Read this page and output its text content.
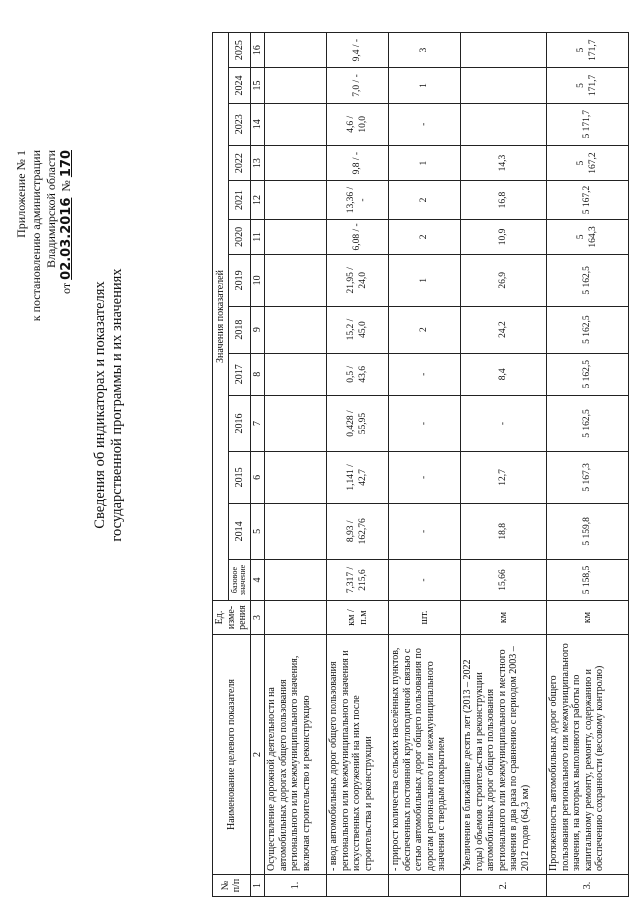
Приложение № 1 к постановлению администрации Владимирской области
от 02.03.2016  № 170
Сведения об индикаторах и показателях государственной программы и их значениях
№ п/п	Наименование целевого показателя	Ед. изме-рения	Значения показателей												
			базовое значение	2014	2015	2016	2017	2018	2019	2020	2021	2022	2023	2024	2025
1	2	3	4	5	6	7	8	9	10	11	12	13	14	15	16
1.	Осуществление дорожной деятельности на автомобильных дорогах общего пользования регионального или межмуниципального значения, включая строительство и реконструкцию														
	- ввод автомобильных дорог общего пользования регионального или межмуниципального значения и искусственных сооружений на них после строительства и реконструкции	км / п.м	7,317 / 215,6	8,93 / 162,76	1,141 / 42,7	0,428 / 55,95	0,5 / 43,6	15,2 / 45,0	21,95 / 24,0	6,08 / -	13,36 / -	9,8 / -	4,6 / 10,0	7,0 / -	9,4 / -
	- прирост количества сельских населённых пунктов, обеспеченных постоянной круглогодичной связью с сетью автомобильных дорог общего пользования по дорогам регионального или межмуниципального значения с твердым покрытием	шт.	-	-	-	-	-	2	1	2	2	1	-	1	3
2.	Увеличение в ближайшие десять лет (2013 – 2022 годы) объемов строительства и реконструкции автомобильных дорог общего пользования регионального или межмуниципального и местного значения в два раза по сравнению с периодом 2003 – 2012 годов (64,3 км)	км	15,66	18,8	12,7	-	8,4	24,2	26,9	10,9	16,8	14,3			
3.	Протяженность автомобильных дорог общего пользования регионального или межмуниципального значения, на которых выполняются работы по капитальному ремонту, ремонту, содержанию и обеспечению сохранности (весовому контролю)	км	5 158,5	5 159,8	5 167,3	5 162,5	5 162,5	5 162,5	5 162,5	5 164,3	5 167,2	5 167,2	5 171,7	5 171,7	5 171,7
